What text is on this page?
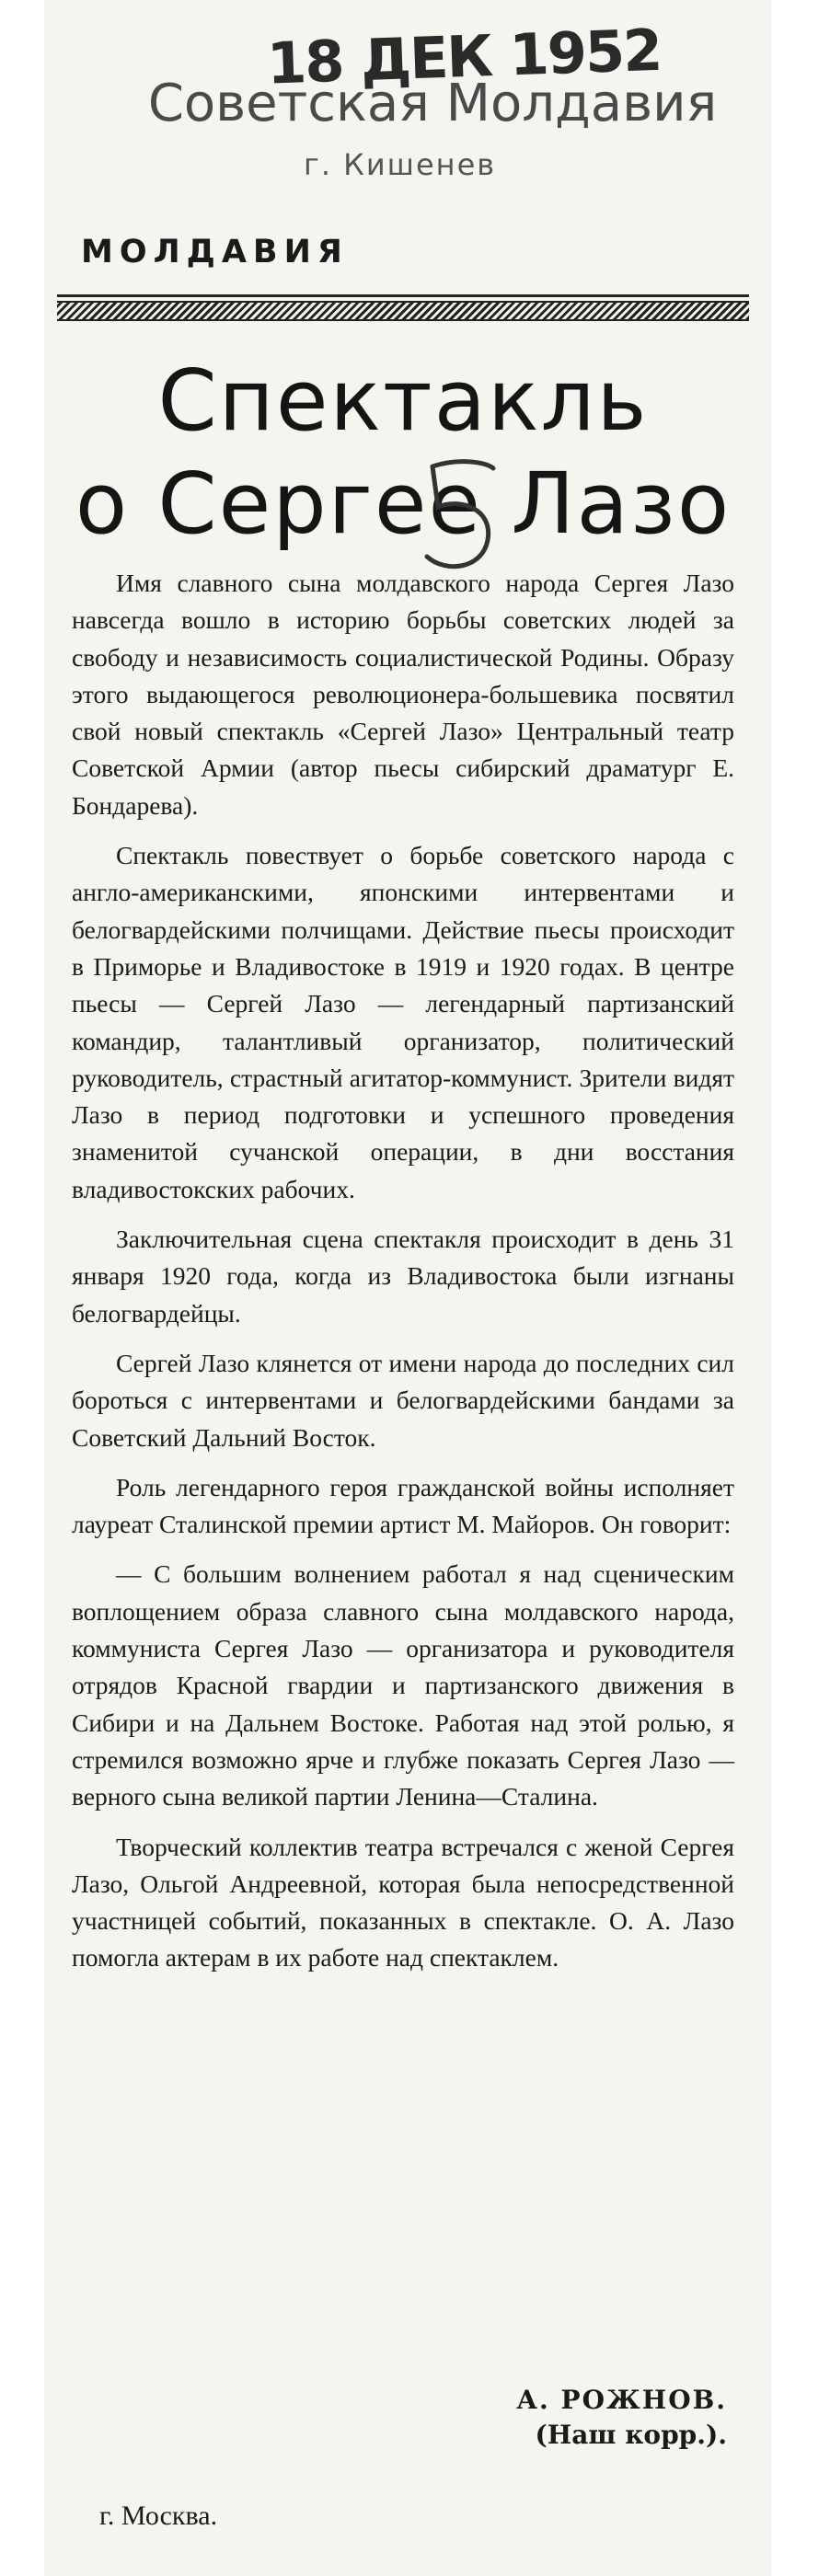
18 ДЕК 1952
Советская Молдавия
г. Кишенев
МОЛДАВИЯ
Спектакль
о Сергее Лазо

Имя славного сына молдавского народа Сергея Лазо навсегда вошло в историю борьбы советских людей за свободу и независимость социалистической Родины. Образу этого выдающегося революционера-большевика посвятил свой новый спектакль «Сергей Лазо» Центральный театр Советской Армии (автор пьесы сибирский драматург Е. Бондарева).

Спектакль повествует о борьбе советского народа с англо-американскими, японскими интервентами и белогвардейскими полчищами. Действие пьесы происходит в Приморье и Владивостоке в 1919 и 1920 годах. В центре пьесы — Сергей Лазо — легендарный партизанский командир, талантливый организатор, политический руководитель, страстный агитатор-коммунист. Зрители видят Лазо в период подготовки и успешного проведения знаменитой сучанской операции, в дни восстания владивостокских рабочих.

Заключительная сцена спектакля происходит в день 31 января 1920 года, когда из Владивостока были изгнаны белогвардейцы.

Сергей Лазо клянется от имени народа до последних сил бороться с интервентами и белогвардейскими бандами за Советский Дальний Восток.

Роль легендарного героя гражданской войны исполняет лауреат Сталинской премии артист М. Майоров. Он говорит:

— С большим волнением работал я над сценическим воплощением образа славного сына молдавского народа, коммуниста Сергея Лазо — организатора и руководителя отрядов Красной гвардии и партизанского движения в Сибири и на Дальнем Востоке. Работая над этой ролью, я стремился возможно ярче и глубже показать Сергея Лазо — верного сына великой партии Ленина—Сталина.

Творческий коллектив театра встречался с женой Сергея Лазо, Ольгой Андреевной, которая была непосредственной участницей событий, показанных в спектакле. О. А. Лазо помогла актерам в их работе над спектаклем.

А. РОЖНОВ.
(Наш корр.).
г. Москва.
